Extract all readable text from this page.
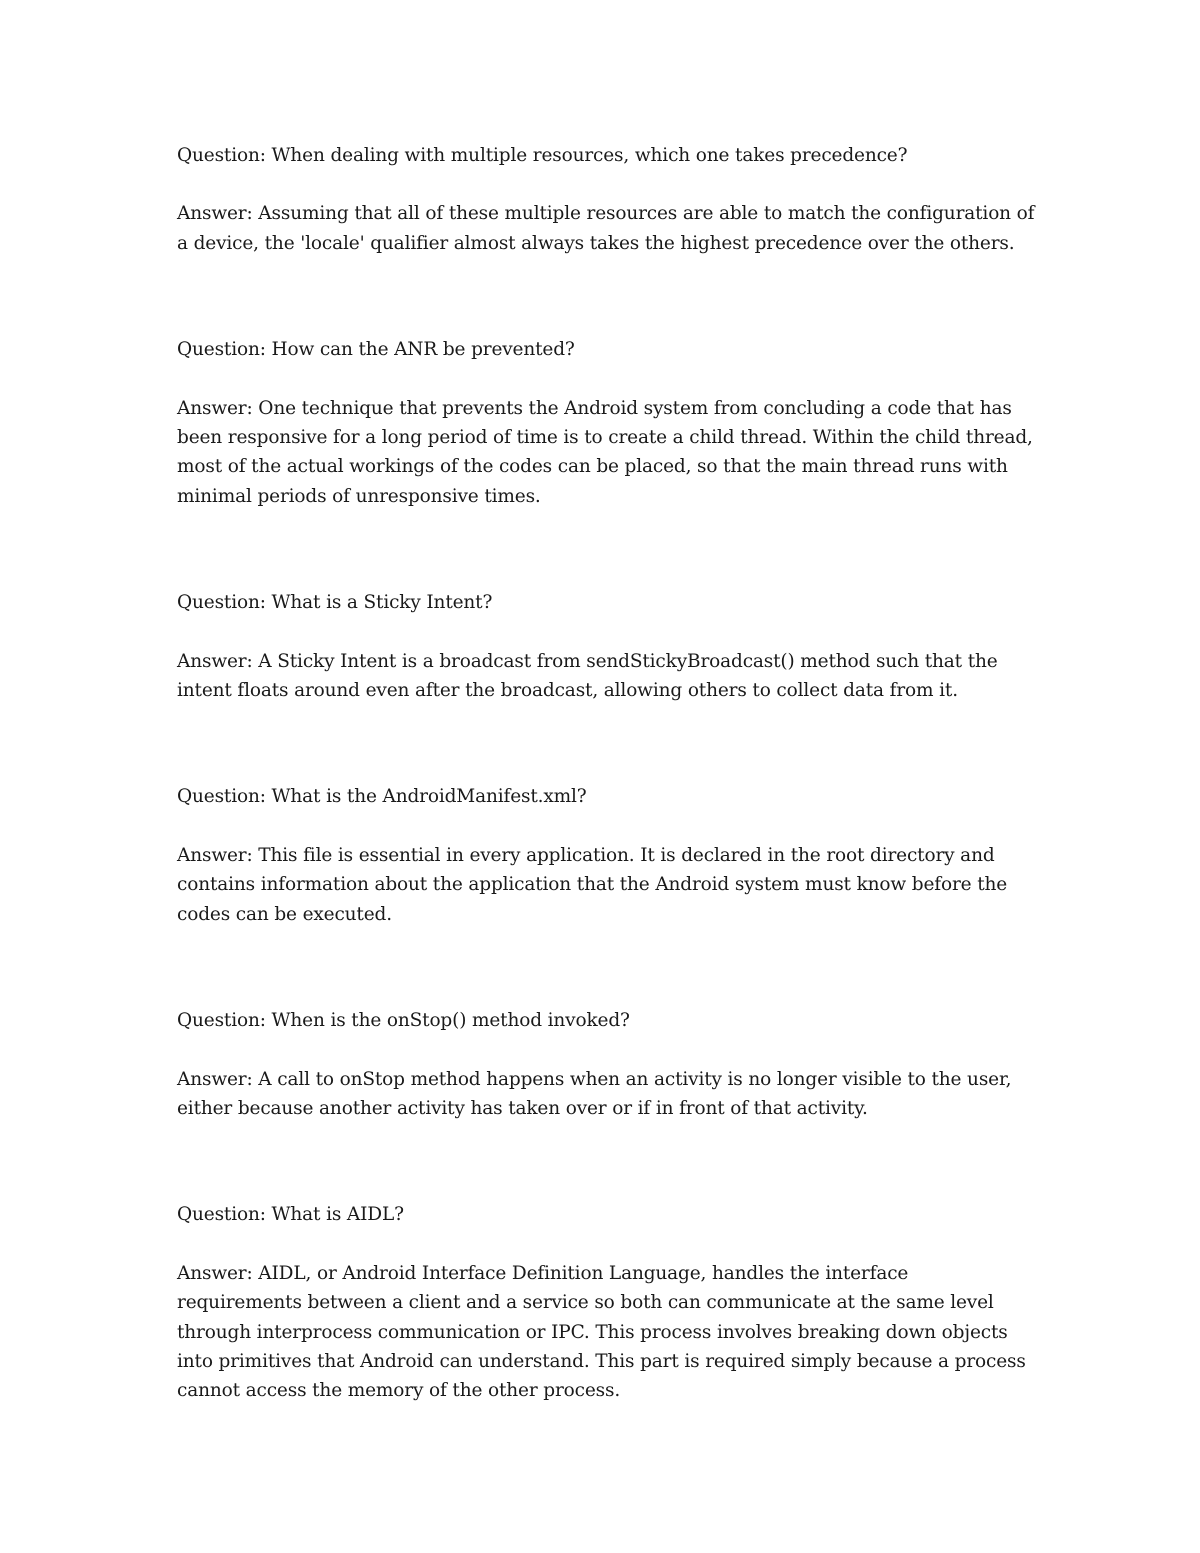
Question: When dealing with multiple resources, which one takes precedence?

Answer: Assuming that all of these multiple resources are able to match the configuration of a device, the 'locale' qualifier almost always takes the highest precedence over the others.

Question: How can the ANR be prevented?

Answer: One technique that prevents the Android system from concluding a code that has been responsive for a long period of time is to create a child thread. Within the child thread, most of the actual workings of the codes can be placed, so that the main thread runs with minimal periods of unresponsive times.

Question: What is a Sticky Intent?

Answer: A Sticky Intent is a broadcast from sendStickyBroadcast() method such that the intent floats around even after the broadcast, allowing others to collect data from it.

Question: What is the AndroidManifest.xml?

Answer: This file is essential in every application. It is declared in the root directory and contains information about the application that the Android system must know before the codes can be executed.

Question: When is the onStop() method invoked?

Answer: A call to onStop method happens when an activity is no longer visible to the user, either because another activity has taken over or if in front of that activity.

Question: What is AIDL?

Answer: AIDL, or Android Interface Definition Language, handles the interface requirements between a client and a service so both can communicate at the same level through interprocess communication or IPC. This process involves breaking down objects into primitives that Android can understand. This part is required simply because a process cannot access the memory of the other process.
